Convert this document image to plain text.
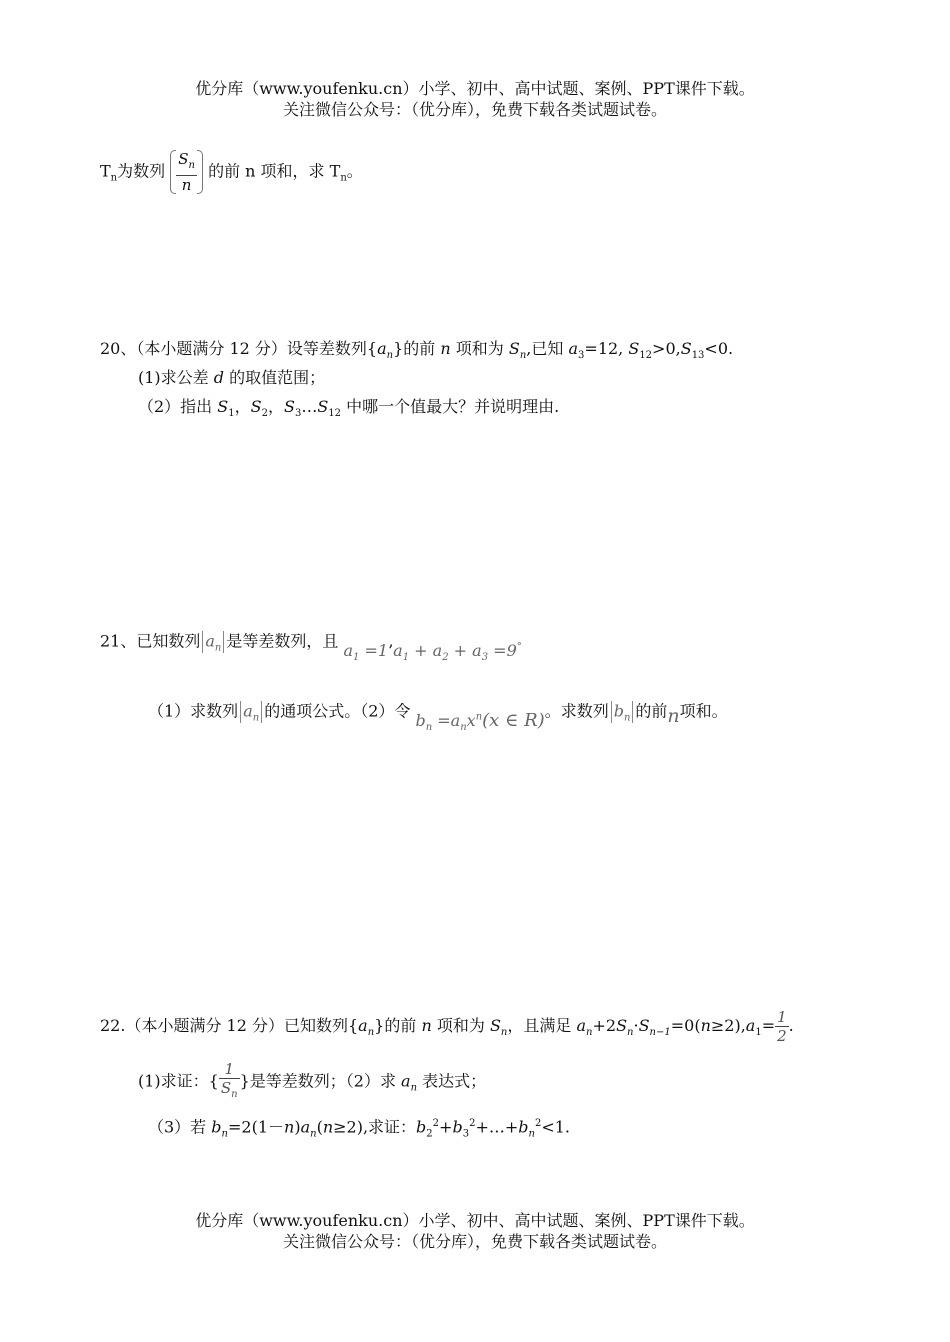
优分库（www.youfenku.cn）小学、初中、高中试题、案例、PPT课件下载。
关注微信公众号：（优分库），免费下载各类试题试卷。
$T_n$为数列 $\frac{S_n}{n}$ 的前 n 项和，求 $T_n$。
20、（本小题满分 12 分）设等差数列$\{a_n\}$的前 n 项和为 $S_n$,已知 $a_3=12$, $S_{12}>0,S_{13}<0$.
(1)求公差 d 的取值范围；
（2）指出 $S_1$，$S_2$，$S_3\dots S_{12}$ 中哪一个值最大？并说明理由.
21、已知数列 $a_n$ 是等差数列，且 $a_1$ $=1’a_1 + a_2 + a_3 =9^\circ$
（1）求数列 $a_n$ 的通项公式。（2）令 $b_n =a_nx^n(x$ ∈ R)。求数列 $b_n$ 的前n项和。
22.（本小题满分 12 分）已知数列$\{a_n\}$的前 n 项和为 $S_n$，且满足 $a_n+2S_n\cdot S_{n-1}=0(n\ge 2),a_1= \frac{1}{2}$ .
(1)求证：{ $\frac{1}{S_n}$ }是等差数列；（2）求 $a_n$ 表达式；
（3）若 $b_n=2(1-n)a_n(n\ge 2)$,求证：$b_2^2+b_3^2+\dots+b_n^2<1$.
优分库（www.youfenku.cn）小学、初中、高中试题、案例、PPT课件下载。
关注微信公众号：（优分库），免费下载各类试题试卷。
